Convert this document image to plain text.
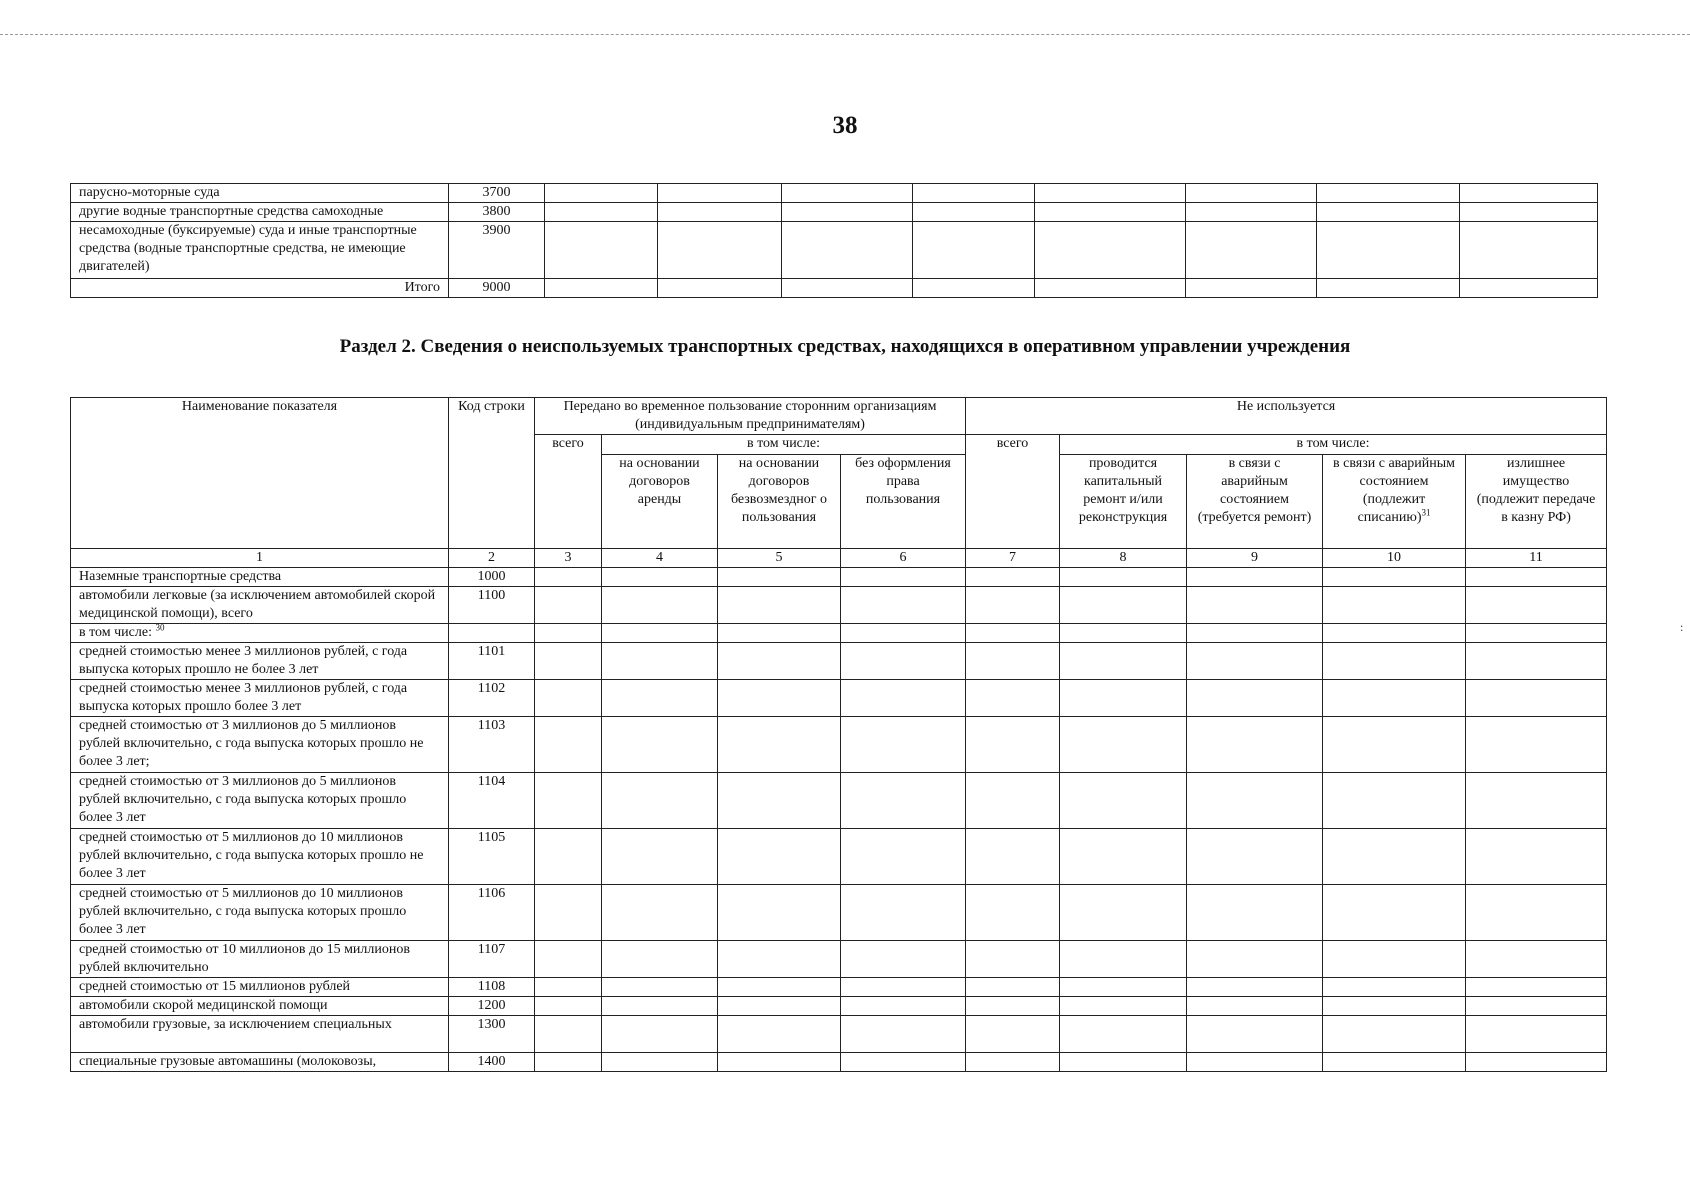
38
парусно-моторные суда	3700								
другие водные транспортные средства самоходные	3800								
несамоходные (буксируемые) суда и иные транспортные средства (водные транспортные средства, не имеющие двигателей)	3900								
Итого	9000								
Раздел 2. Сведения о неиспользуемых транспортных средствах, находящихся в оперативном управлении учреждения
Наименование показателя	Код строки	Передано во временное пользование сторонним организациям (индивидуальным предпринимателям)				Не используется				
		всего	в том числе:			всего	в том числе:			
			на основании договоров аренды	на основании договоров безвозмездног о пользования	без оформления права пользования		проводится капитальный ремонт и/или реконструкция	в связи с аварийным состоянием (требуется ремонт)	в связи с аварийным состоянием (подлежит списанию)$^{31}$	излишнее имущество (подлежит передаче в казну РФ)
1	2	3	4	5	6	7	8	9	10	11
Наземные транспортные средства	1000									
автомобили легковые (за исключением автомобилей скорой медицинской помощи), всего	1100									
в том числе: $^{30}$										
средней стоимостью менее 3 миллионов рублей, с года выпуска которых прошло не более 3 лет	1101									
средней стоимостью менее 3 миллионов рублей, с года выпуска которых прошло более 3 лет	1102									
средней стоимостью от 3 миллионов до 5 миллионов рублей включительно, с года выпуска которых прошло не более 3 лет;	1103									
средней стоимостью от 3 миллионов до 5 миллионов рублей включительно, с года выпуска которых прошло более 3 лет	1104									
средней стоимостью от 5 миллионов до 10 миллионов рублей включительно, с года выпуска которых прошло не более 3 лет	1105									
средней стоимостью от 5 миллионов до 10 миллионов рублей включительно, с года выпуска которых прошло более 3 лет	1106									
средней стоимостью от 10 миллионов до 15 миллионов рублей включительно	1107									
средней стоимостью от 15 миллионов рублей	1108									
автомобили скорой медицинской помощи	1200									
автомобили грузовые, за исключением специальных	1300									
специальные грузовые автомашины (молоковозы,	1400									
:
